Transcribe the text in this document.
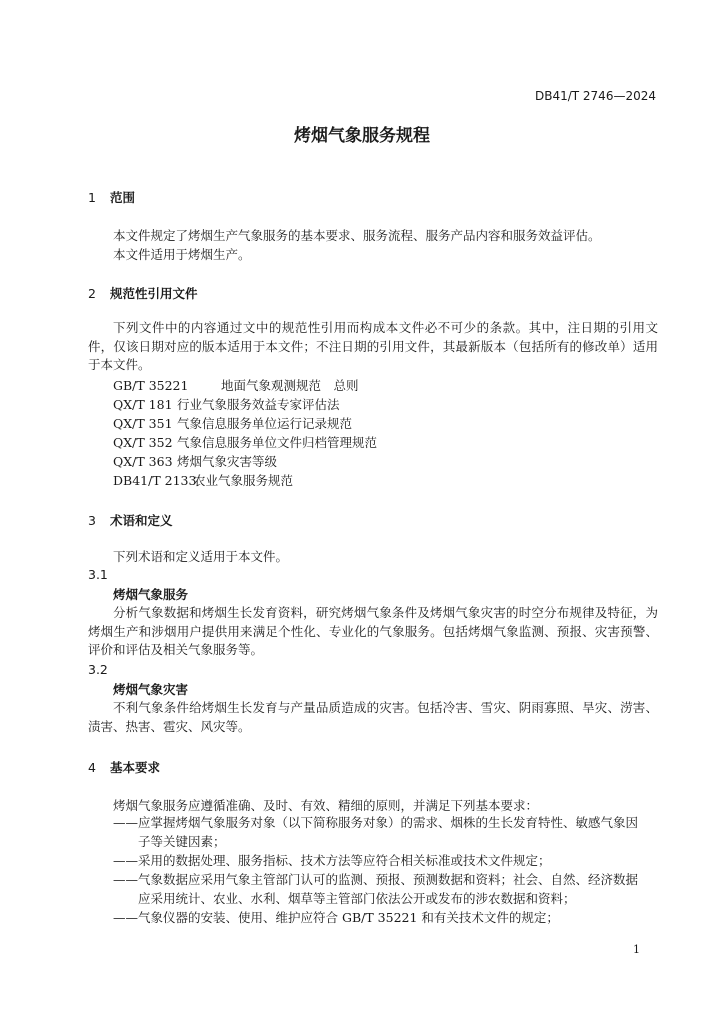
DB41/T 2746—2024
烤烟气象服务规程
1 范围
本文件规定了烤烟生产气象服务的基本要求、服务流程、服务产品内容和服务效益评估。
本文件适用于烤烟生产。
2 规范性引用文件
下列文件中的内容通过文中的规范性引用而构成本文件必不可少的条款。其中，注日期的引用文件，仅该日期对应的版本适用于本文件；不注日期的引用文件，其最新版本（包括所有的修改单）适用于本文件。
GB/T 35221	地面气象观测规范　总则
QX/T 181 行业气象服务效益专家评估法
QX/T 351 气象信息服务单位运行记录规范
QX/T 352 气象信息服务单位文件归档管理规范
QX/T 363 烤烟气象灾害等级
DB41/T 2133农业气象服务规范
3 术语和定义
下列术语和定义适用于本文件。
3.1
烤烟气象服务
分析气象数据和烤烟生长发育资料，研究烤烟气象条件及烤烟气象灾害的时空分布规律及特征，为烤烟生产和涉烟用户提供用来满足个性化、专业化的气象服务。包括烤烟气象监测、预报、灾害预警、评价和评估及相关气象服务等。
3.2
烤烟气象灾害
不利气象条件给烤烟生长发育与产量品质造成的灾害。包括冷害、雪灾、阴雨寡照、旱灾、涝害、渍害、热害、雹灾、风灾等。
4 基本要求
烤烟气象服务应遵循准确、及时、有效、精细的原则，并满足下列基本要求：
——应掌握烤烟气象服务对象（以下简称服务对象）的需求、烟株的生长发育特性、敏感气象因
子等关键因素；
——采用的数据处理、服务指标、技术方法等应符合相关标准或技术文件规定；
——气象数据应采用气象主管部门认可的监测、预报、预测数据和资料；社会、自然、经济数据
应采用统计、农业、水利、烟草等主管部门依法公开或发布的涉农数据和资料；
——气象仪器的安装、使用、维护应符合 GB/T 35221 和有关技术文件的规定；
1
